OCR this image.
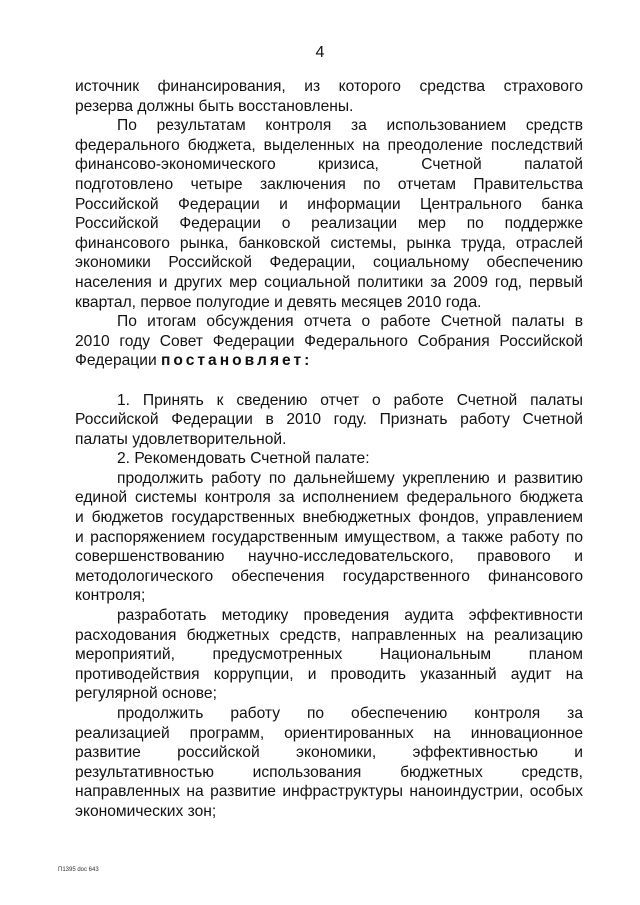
4
источник финансирования, из которого средства страхового
резерва должны быть восстановлены.
По результатам контроля за использованием средств
федерального бюджета, выделенных на преодоление последствий
финансово-экономического кризиса, Счетной палатой
подготовлено четыре заключения по отчетам Правительства
Российской Федерации и информации Центрального банка
Российской Федерации о реализации мер по поддержке
финансового рынка, банковской системы, рынка труда, отраслей
экономики Российской Федерации, социальному обеспечению
населения и других мер социальной политики за 2009 год, первый
квартал, первое полугодие и девять месяцев 2010 года.
По итогам обсуждения отчета о работе Счетной палаты в
2010 году Совет Федерации Федерального Собрания Российской
Федерации постановляет:
1. Принять к сведению отчет о работе Счетной палаты
Российской Федерации в 2010 году. Признать работу Счетной
палаты удовлетворительной.
2. Рекомендовать Счетной палате:
продолжить работу по дальнейшему укреплению и развитию
единой системы контроля за исполнением федерального бюджета
и бюджетов государственных внебюджетных фондов, управлением
и распоряжением государственным имуществом, а также работу по
совершенствованию научно-исследовательского, правового и
методологического обеспечения государственного финансового
контроля;
разработать методику проведения аудита эффективности
расходования бюджетных средств, направленных на реализацию
мероприятий, предусмотренных Национальным планом
противодействия коррупции, и проводить указанный аудит на
регулярной основе;
продолжить работу по обеспечению контроля за
реализацией программ, ориентированных на инновационное
развитие российской экономики, эффективностью и
результативностью использования бюджетных средств,
направленных на развитие инфраструктуры наноиндустрии, особых
экономических зон;
П1395 doc 643
